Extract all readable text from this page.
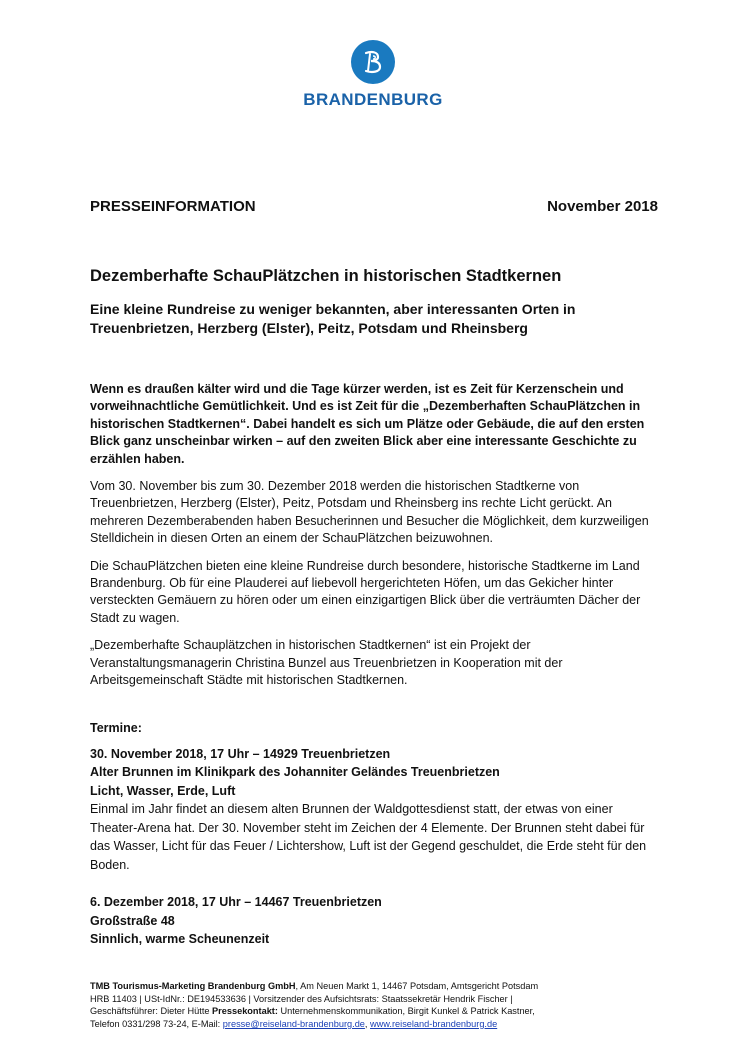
BRANDENBURG
PRESSEINFORMATION	November 2018
Dezemberhafte SchauPlätzchen in historischen Stadtkernen
Eine kleine Rundreise zu weniger bekannten, aber interessanten Orten in Treuenbrietzen, Herzberg (Elster), Peitz, Potsdam und Rheinsberg
Wenn es draußen kälter wird und die Tage kürzer werden, ist es Zeit für Kerzenschein und vorweihnachtliche Gemütlichkeit. Und es ist Zeit für die „Dezemberhaften SchauPlätzchen in historischen Stadtkernen“. Dabei handelt es sich um Plätze oder Gebäude, die auf den ersten Blick ganz unscheinbar wirken – auf den zweiten Blick aber eine interessante Geschichte zu erzählen haben.
Vom 30. November bis zum 30. Dezember 2018 werden die historischen Stadtkerne von Treuenbrietzen, Herzberg (Elster), Peitz, Potsdam und Rheinsberg ins rechte Licht gerückt. An mehreren Dezemberabenden haben Besucherinnen und Besucher die Möglichkeit, dem kurzweiligen Stelldichein in diesen Orten an einem der SchauPlätzchen beizuwohnen.
Die SchauPlätzchen bieten eine kleine Rundreise durch besondere, historische Stadtkerne im Land Brandenburg. Ob für eine Plauderei auf liebevoll hergerichteten Höfen, um das Gekicher hinter versteckten Gemäuern zu hören oder um einen einzigartigen Blick über die verträumten Dächer der Stadt zu wagen.
„Dezemberhafte Schauplätzchen in historischen Stadtkernen“ ist ein Projekt der Veranstaltungsmanagerin Christina Bunzel aus Treuenbrietzen in Kooperation mit der Arbeitsgemeinschaft Städte mit historischen Stadtkernen.
Termine:
30. November 2018, 17 Uhr – 14929 Treuenbrietzen
Alter Brunnen im Klinikpark des Johanniter Geländes Treuenbrietzen
Licht, Wasser, Erde, Luft
Einmal im Jahr findet an diesem alten Brunnen der Waldgottesdienst statt, der etwas von einer Theater-Arena hat. Der 30. November steht im Zeichen der 4 Elemente. Der Brunnen steht dabei für das Wasser, Licht für das Feuer / Lichtershow, Luft ist der Gegend geschuldet, die Erde steht für den Boden.
6. Dezember 2018, 17 Uhr – 14467 Treuenbrietzen
Großstraße 48
Sinnlich, warme Scheunenzeit
TMB Tourismus-Marketing Brandenburg GmbH, Am Neuen Markt 1, 14467 Potsdam, Amtsgericht Potsdam
HRB 11403 | USt-IdNr.: DE194533636 | Vorsitzender des Aufsichtsrats: Staatssekretär Hendrik Fischer |
Geschäftsführer: Dieter Hütte Pressekontakt: Unternehmenskommunikation, Birgit Kunkel & Patrick Kastner,
Telefon 0331/298 73-24, E-Mail: presse@reiseland-brandenburg.de, www.reiseland-brandenburg.de
